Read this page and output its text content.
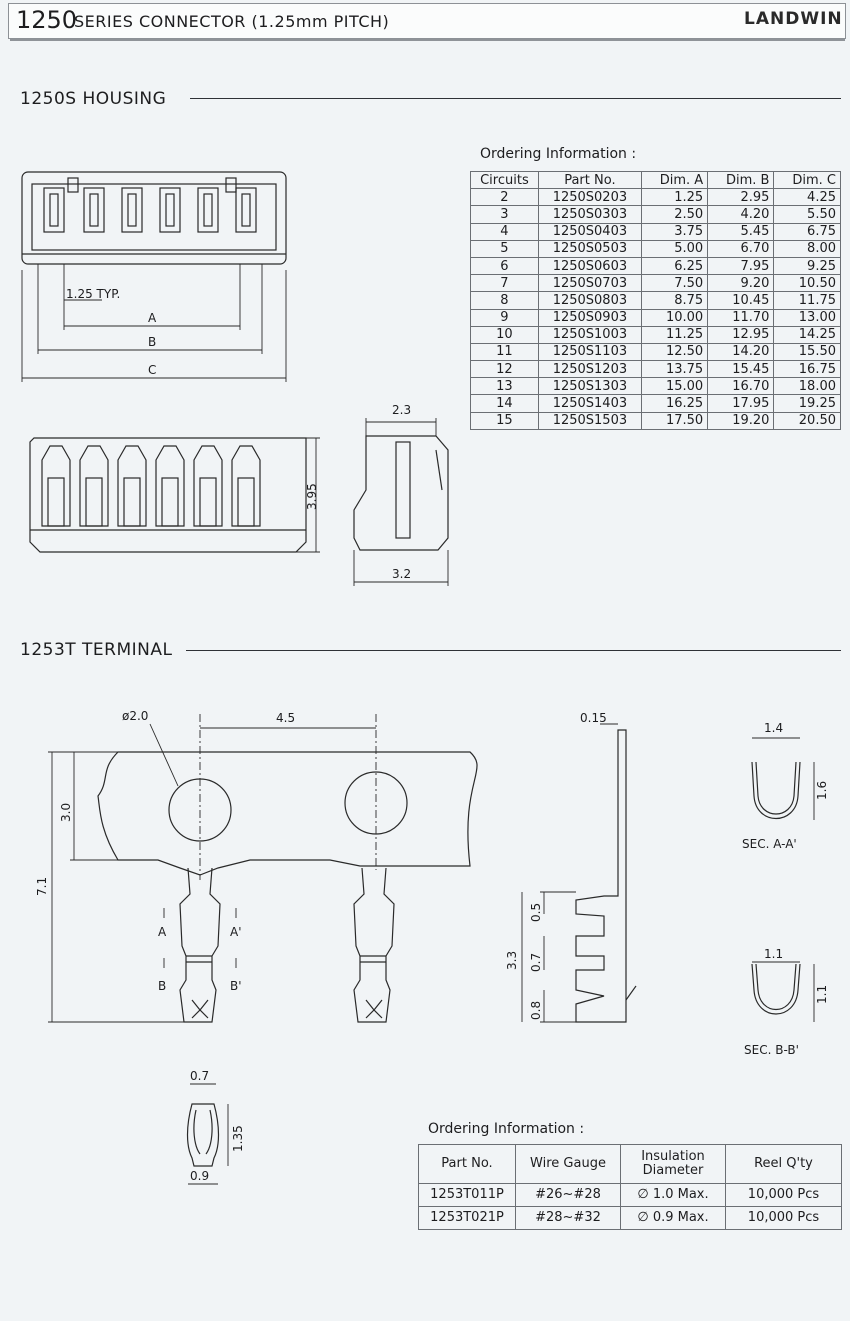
1250
SERIES CONNECTOR (1.25mm PITCH)	LANDWIN
1250S HOUSING
Ordering Information :
Circuits	Part No.	Dim. A	Dim. B	Dim. C
2	1250S0203	1.25	2.95	4.25
3	1250S0303	2.50	4.20	5.50
4	1250S0403	3.75	5.45	6.75
5	1250S0503	5.00	6.70	8.00
6	1250S0603	6.25	7.95	9.25
7	1250S0703	7.50	9.20	10.50
8	1250S0803	8.75	10.45	11.75
9	1250S0903	10.00	11.70	13.00
10	1250S1003	11.25	12.95	14.25
11	1250S1103	12.50	14.20	15.50
12	1250S1203	13.75	15.45	16.75
13	1250S1303	15.00	16.70	18.00
14	1250S1403	16.25	17.95	19.25
15	1250S1503	17.50	19.20	20.50
1.25 TYP.
A
B
C
2.3
3.95
3.2
1253T TERMINAL
ø2.0	4.5
3.0
7.1
A	A'
B	B'
0.15
0.5
0.7
0.8
3.3
1.4
1.6
SEC. A-A'
1.1
1.1
SEC. B-B'
0.7
1.35
0.9
Ordering Information :
Part No.	Wire Gauge	Insulation Diameter	Reel Q'ty
1253T011P	#26~#28	∅ 1.0 Max.	10,000 Pcs
1253T021P	#28~#32	∅ 0.9 Max.	10,000 Pcs
